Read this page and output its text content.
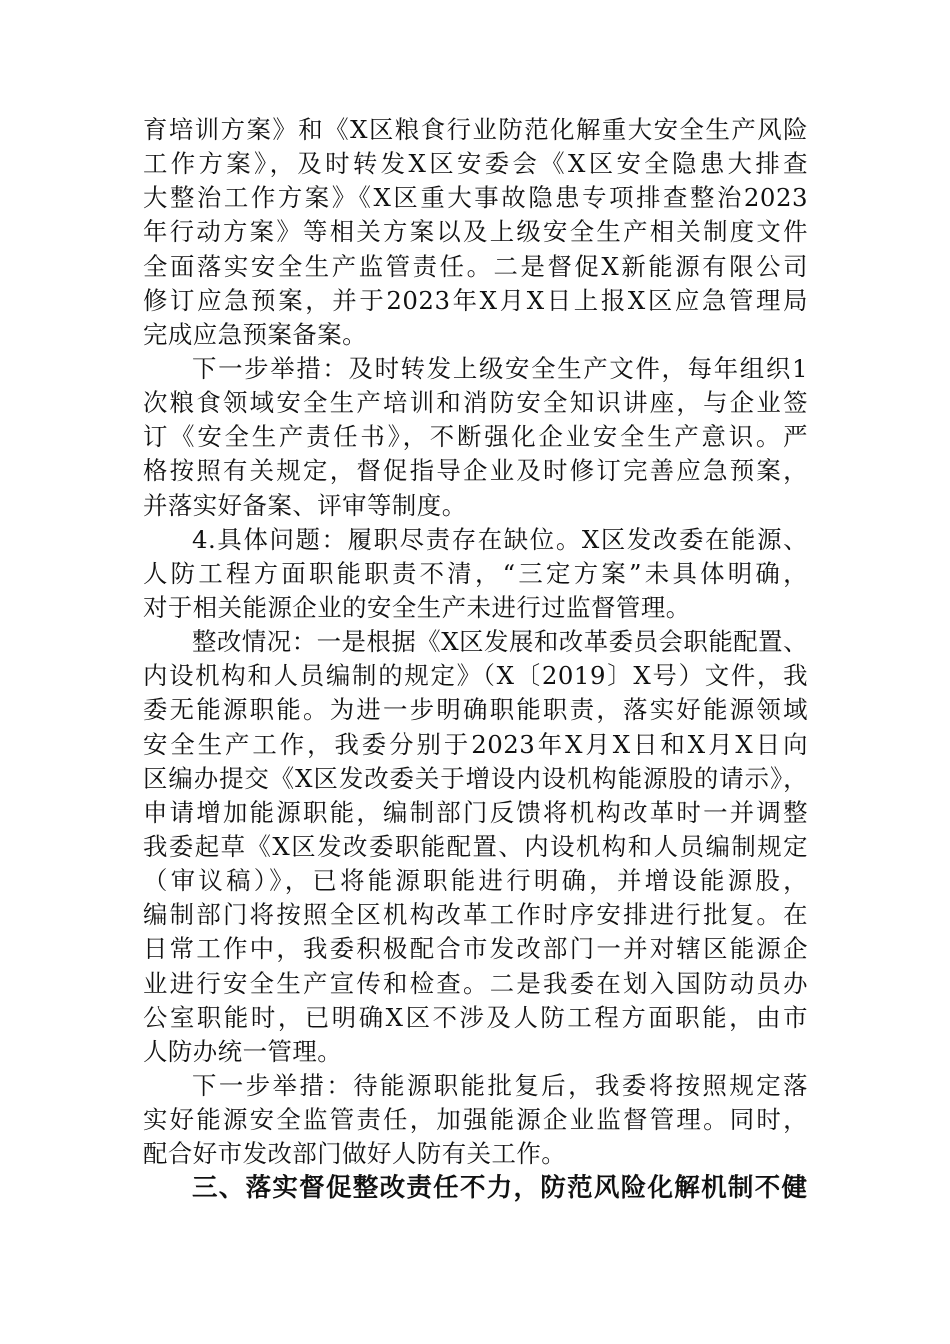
育培训方案》和《X区粮食行业防范化解重大安全生产风险
工作方案》，及时转发X区安委会《X区安全隐患大排查
大整治工作方案》《X区重大事故隐患专项排查整治2023
年行动方案》等相关方案以及上级安全生产相关制度文件
全面落实安全生产监管责任。二是督促X新能源有限公司
修订应急预案，并于2023年X月X日上报X区应急管理局
完成应急预案备案。
下一步举措：及时转发上级安全生产文件，每年组织1
次粮食领域安全生产培训和消防安全知识讲座，与企业签
订《安全生产责任书》，不断强化企业安全生产意识。严
格按照有关规定，督促指导企业及时修订完善应急预案，
并落实好备案、评审等制度。
4.具体问题：履职尽责存在缺位。X区发改委在能源、
人防工程方面职能职责不清，“三定方案”未具体明确，
对于相关能源企业的安全生产未进行过监督管理。
整改情况：一是根据《X区发展和改革委员会职能配置、
内设机构和人员编制的规定》（X〔2019〕X号）文件，我
委无能源职能。为进一步明确职能职责，落实好能源领域
安全生产工作，我委分别于2023年X月X日和X月X日向
区编办提交《X区发改委关于增设内设机构能源股的请示》，
申请增加能源职能，编制部门反馈将机构改革时一并调整
我委起草《X区发改委职能配置、内设机构和人员编制规定
（审议稿）》，已将能源职能进行明确，并增设能源股，
编制部门将按照全区机构改革工作时序安排进行批复。在
日常工作中，我委积极配合市发改部门一并对辖区能源企
业进行安全生产宣传和检查。二是我委在划入国防动员办
公室职能时，已明确X区不涉及人防工程方面职能，由市
人防办统一管理。
下一步举措：待能源职能批复后，我委将按照规定落
实好能源安全监管责任，加强能源企业监督管理。同时，
配合好市发改部门做好人防有关工作。
三、落实督促整改责任不力，防范风险化解机制不健
